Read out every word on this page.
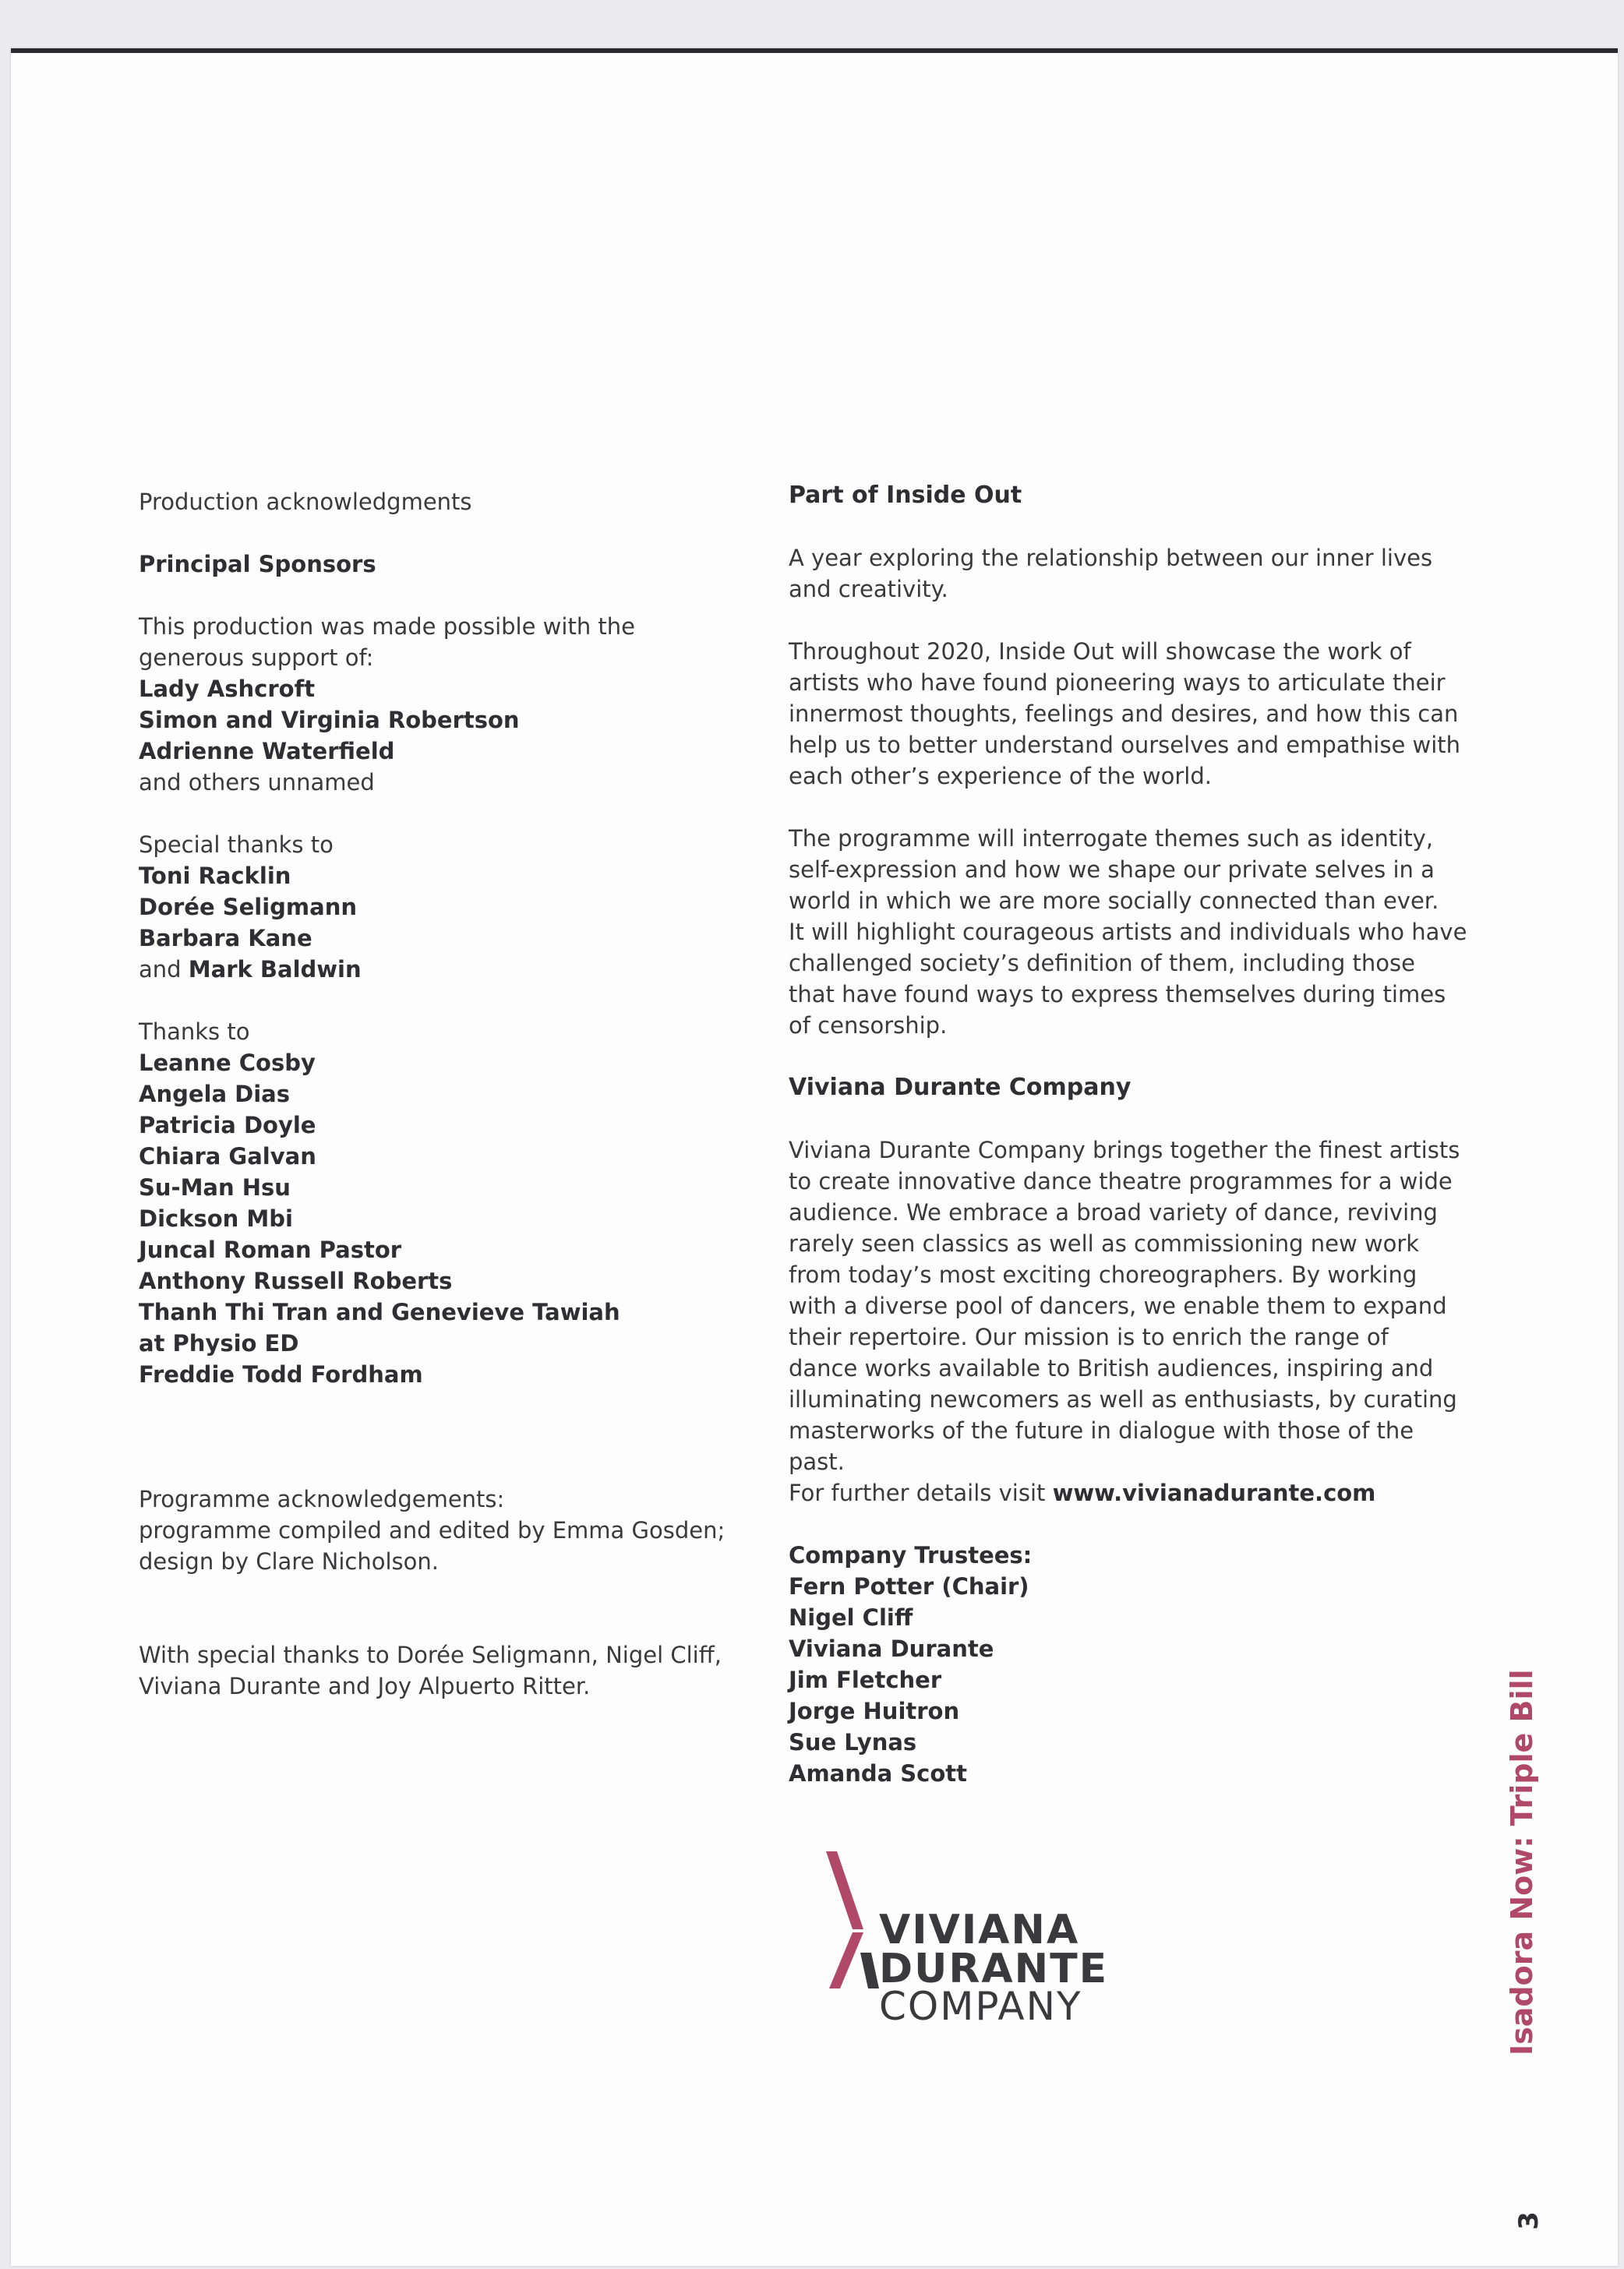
Production acknowledgments

Principal Sponsors

This production was made possible with the

generous support of:

Lady Ashcroft

Simon and Virginia Robertson

Adrienne Waterfield

and others unnamed

Special thanks to

Toni Racklin

Dorée Seligmann

Barbara Kane

and Mark Baldwin

Thanks to

Leanne Cosby

Angela Dias

Patricia Doyle

Chiara Galvan

Su-Man Hsu

Dickson Mbi

Juncal Roman Pastor

Anthony Russell Roberts

Thanh Thi Tran and Genevieve Tawiah

at Physio ED

Freddie Todd Fordham

Programme acknowledgements:

programme compiled and edited by Emma Gosden;

design by Clare Nicholson.

With special thanks to Dorée Seligmann, Nigel Cliff,

Viviana Durante and Joy Alpuerto Ritter.

Part of Inside Out

A year exploring the relationship between our inner lives

and creativity.

Throughout 2020, Inside Out will showcase the work of

artists who have found pioneering ways to articulate their

innermost thoughts, feelings and desires, and how this can

help us to better understand ourselves and empathise with

each other’s experience of the world.

The programme will interrogate themes such as identity,

self-expression and how we shape our private selves in a

world in which we are more socially connected than ever.

It will highlight courageous artists and individuals who have

challenged society’s definition of them, including those

that have found ways to express themselves during times

of censorship.

Viviana Durante Company

Viviana Durante Company brings together the finest artists

to create innovative dance theatre programmes for a wide

audience. We embrace a broad variety of dance, reviving

rarely seen classics as well as commissioning new work

from today’s most exciting choreographers. By working

with a diverse pool of dancers, we enable them to expand

their repertoire. Our mission is to enrich the range of

dance works available to British audiences, inspiring and

illuminating newcomers as well as enthusiasts, by curating

masterworks of the future in dialogue with those of the past.

For further details visit www.vivianadurante.com

Company Trustees:

Fern Potter (Chair)

Nigel Cliff

Viviana Durante

Jim Fletcher

Jorge Huitron

Sue Lynas

Amanda Scott

VIVIANA
DURANTE
COMPANY	Isadora Now: Triple Bill
3
